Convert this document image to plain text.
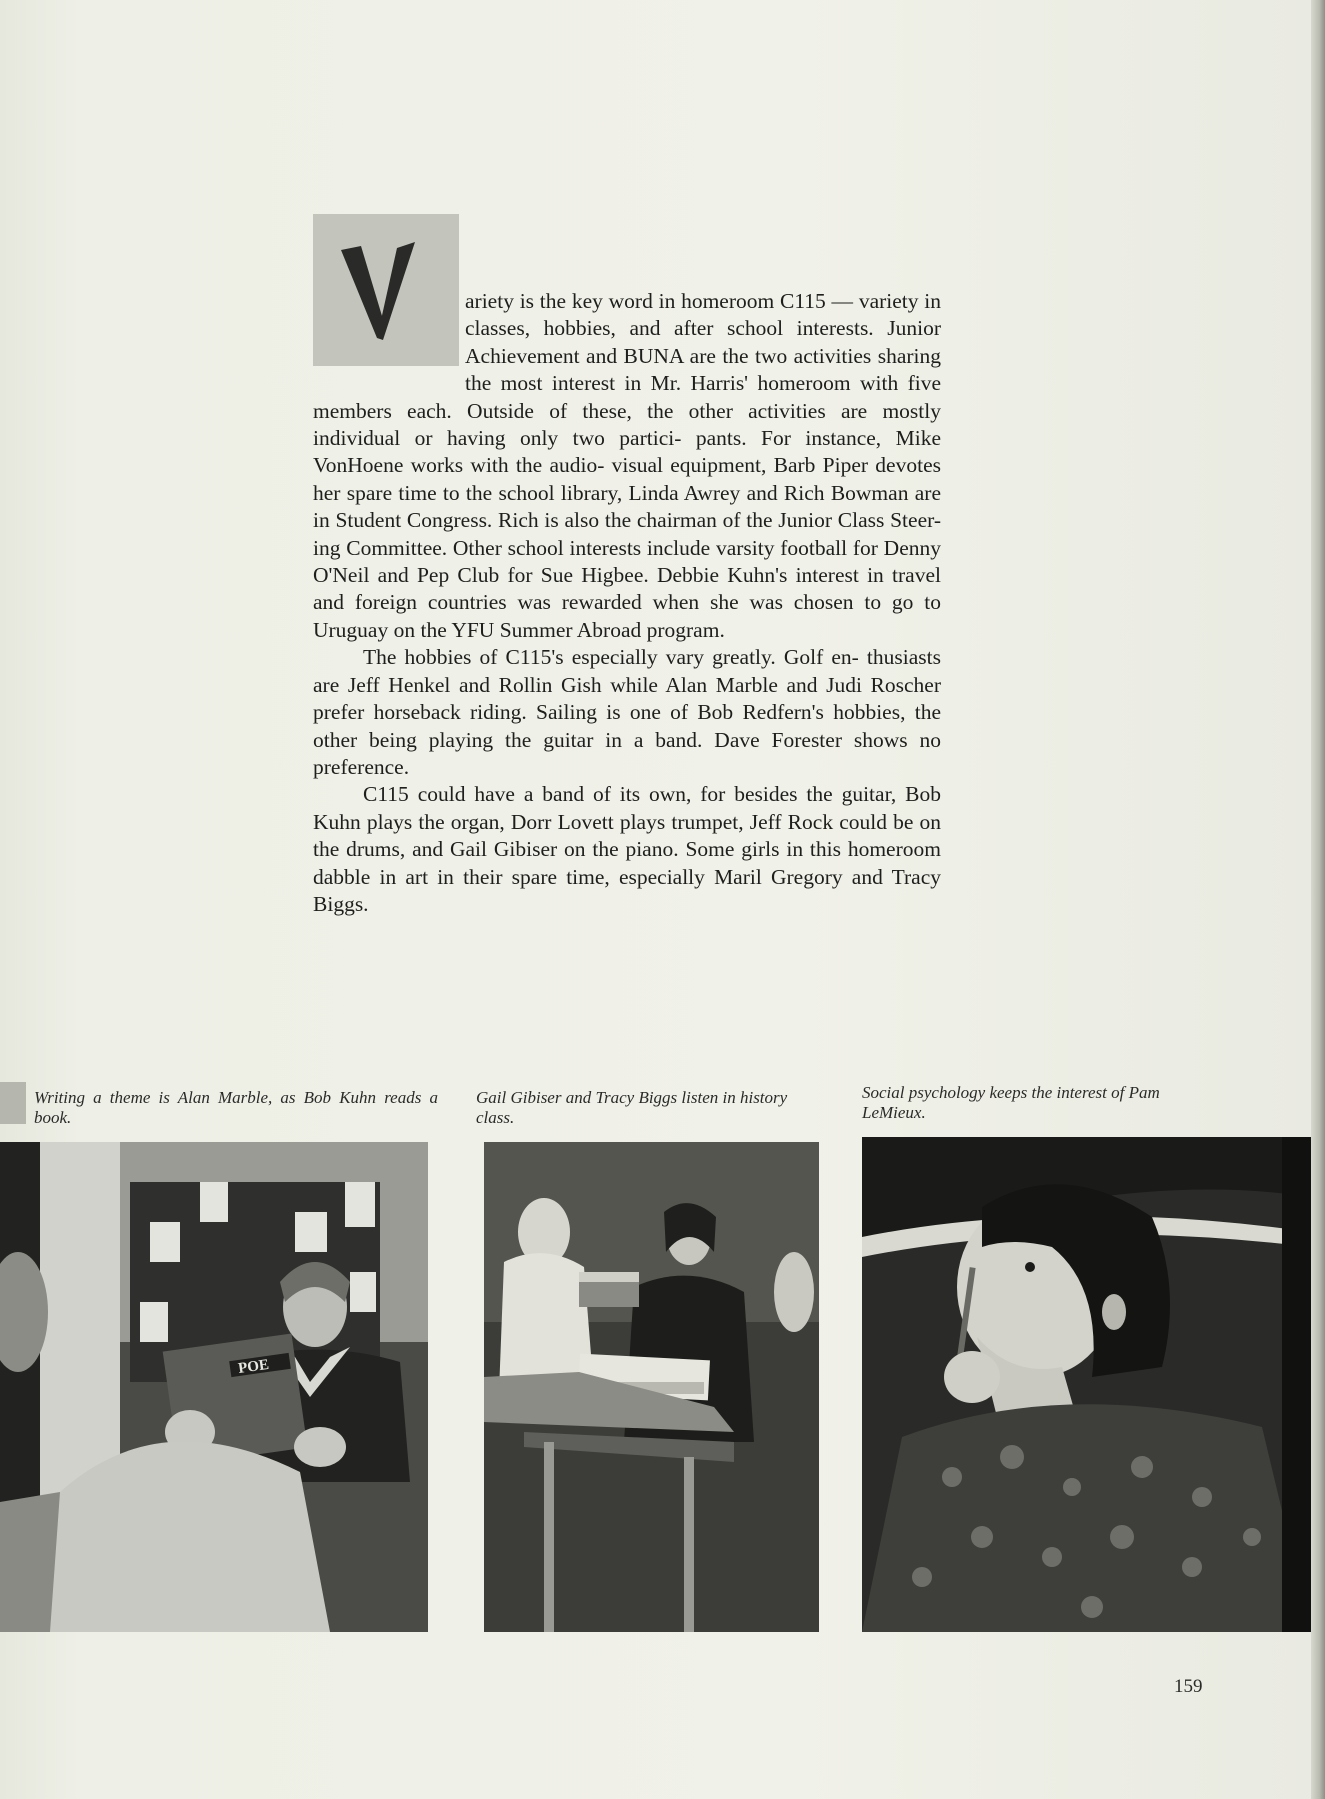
ariety is the key word in homeroom C115 — variety in classes, hobbies, and after school interests. Junior Achievement and BUNA are the two activities sharing the most interest in Mr. Harris' homeroom with five members each. Outside of these, the other activities are mostly individual or having only two partici- pants. For instance, Mike VonHoene works with the audio- visual equipment, Barb Piper devotes her spare time to the school library, Linda Awrey and Rich Bowman are in Student Congress. Rich is also the chairman of the Junior Class Steer- ing Committee. Other school interests include varsity football for Denny O'Neil and Pep Club for Sue Higbee. Debbie Kuhn's interest in travel and foreign countries was rewarded when she was chosen to go to Uruguay on the YFU Summer Abroad program.

The hobbies of C115's especially vary greatly. Golf en- thusiasts are Jeff Henkel and Rollin Gish while Alan Marble and Judi Roscher prefer horseback riding. Sailing is one of Bob Redfern's hobbies, the other being playing the guitar in a band. Dave Forester shows no preference.

C115 could have a band of its own, for besides the guitar, Bob Kuhn plays the organ, Dorr Lovett plays trumpet, Jeff Rock could be on the drums, and Gail Gibiser on the piano. Some girls in this homeroom dabble in art in their spare time, especially Maril Gregory and Tracy Biggs.

Writing a theme is Alan Marble, as Bob Kuhn reads a book.
Gail Gibiser and Tracy Biggs listen in history class.
Social psychology keeps the interest of Pam LeMieux.
POE
159
